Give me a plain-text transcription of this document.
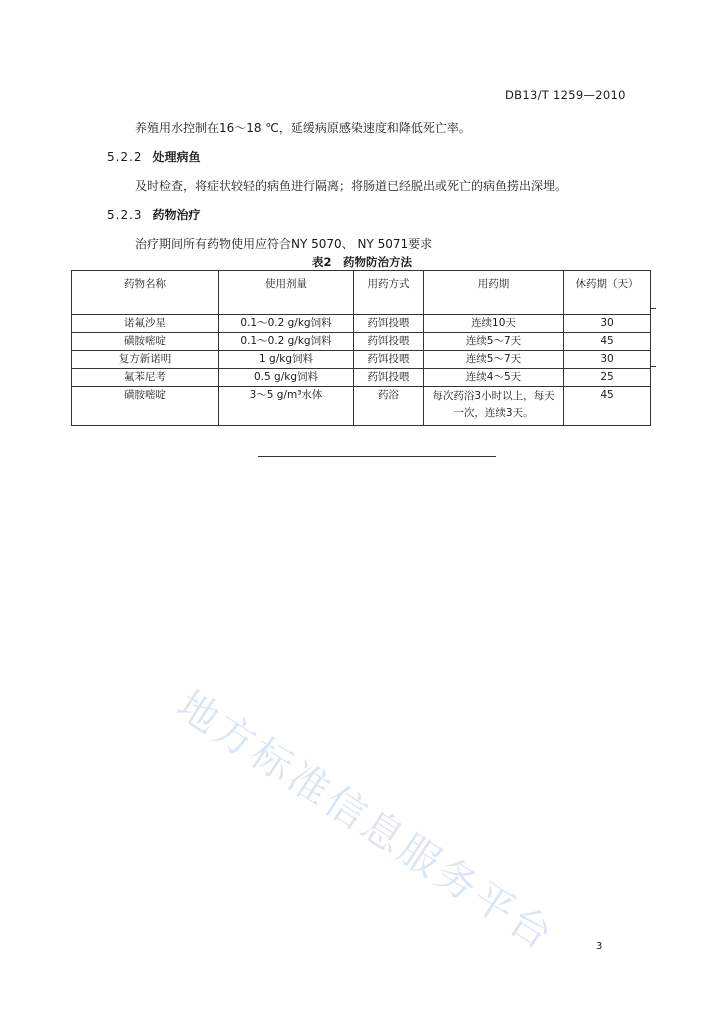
DB13/T 1259—2010
养殖用水控制在16～18 ℃，延缓病原感染速度和降低死亡率。
5.2.2 处理病鱼
及时检查，将症状较轻的病鱼进行隔离；将肠道已经脱出或死亡的病鱼捞出深埋。
5.2.3 药物治疗
治疗期间所有药物使用应符合NY 5070、 NY 5071要求
表2　药物防治方法
药物名称	使用剂量	用药方式	用药期	休药期（天）
诺氟沙星	0.1～0.2 g/kg饲料	药饵投喂	连续10天	30
磺胺嘧啶	0.1～0.2 g/kg饲料	药饵投喂	连续5～7天	45
复方新诺明	1 g/kg饲料	药饵投喂	连续5～7天	30
氟苯尼考	0.5 g/kg饲料	药饵投喂	连续4～5天	25
磺胺嘧啶	3～5 g/m³水体	药浴	每次药浴3小时以上，每天一次，连续3天。	45
地方标准信息服务平台	3
